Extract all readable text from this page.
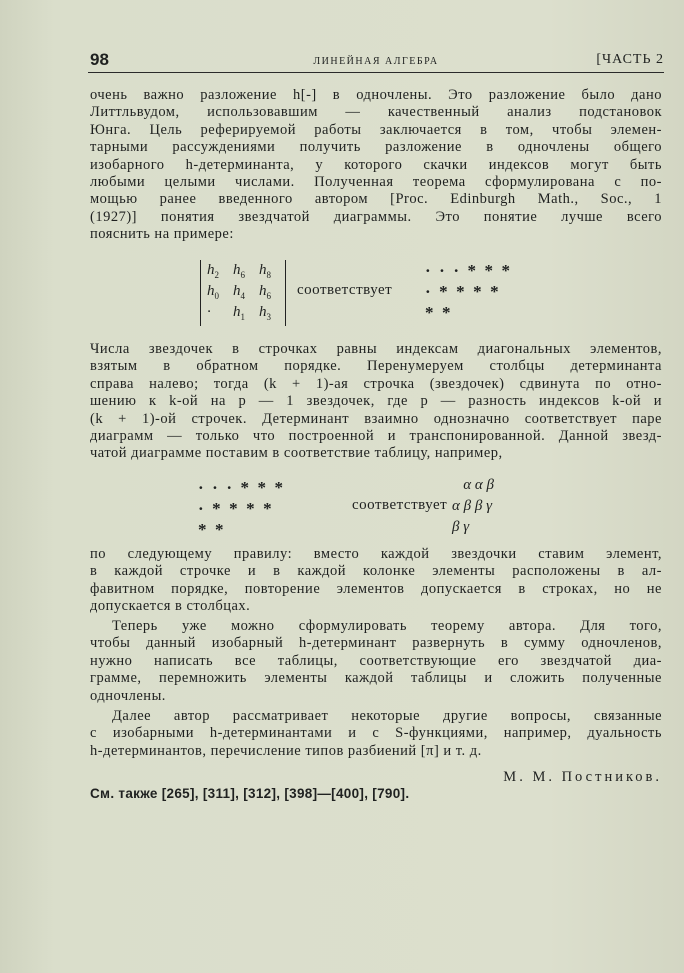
98	ЛИНЕЙНАЯ АЛГЕБРА	[ЧАСТЬ 2
очень важно разложение h[-] в одночлены. Это разложение было дано
Литтльвудом, использовавшим — качественный анализ подстановок
Юнга. Цель реферируемой работы заключается в том, чтобы элемен-
тарными рассуждениями получить разложение в одночлены общего
изобарного h-детерминанта, у которого скачки индексов могут быть
любыми целыми числами. Полученная теорема сформулирована с по-
мощью ранее введенного автором [Proc. Edinburgh Math., Soc., 1
(1927)] понятия звездчатой диаграммы. Это понятие лучше всего
пояснить на примере:
$h_2$ $h_6$ $h_8$
$h_0$ $h_4$ $h_6$
·	$h_1$ $h_3$
соответствует
·  ·  ·  *  *  *
·  *  *  *  *
*  *
Числа звездочек в строчках равны индексам диагональных элементов,
взятым в обратном порядке. Перенумеруем столбцы детерминанта
справа налево; тогда (k + 1)-ая строчка (звездочек) сдвинута по отно-
шению к k-ой на p — 1 звездочек, где p — разность индексов k-ой и
(k + 1)-ой строчек. Детерминант взаимно однозначно соответствует паре
диаграмм — только что построенной и транспонированной. Данной звезд-
чатой диаграмме поставим в соответствие таблицу, например,
·  ·  ·  *  *  *
·  *  *  *  *
*  *
соответствует
α α β
α β β γ
β γ
по следующему правилу: вместо каждой звездочки ставим элемент,
в каждой строчке и в каждой колонке элементы расположены в ал-
фавитном порядке, повторение элементов допускается в строках, но не
допускается в столбцах.
Теперь уже можно сформулировать теорему автора. Для того,
чтобы данный изобарный h-детерминант развернуть в сумму одночленов,
нужно написать все таблицы, соответствующие его звездчатой диа-
грамме, перемножить элементы каждой таблицы и сложить полученные
одночлены.
Далее автор рассматривает некоторые другие вопросы, связанные
с изобарными h-детерминантами и с S-функциями, например, дуальность
h-детерминантов, перечисление типов разбиений [π] и т. д.
М. М. Постников.
См. также [265], [311], [312], [398]—[400], [790].
